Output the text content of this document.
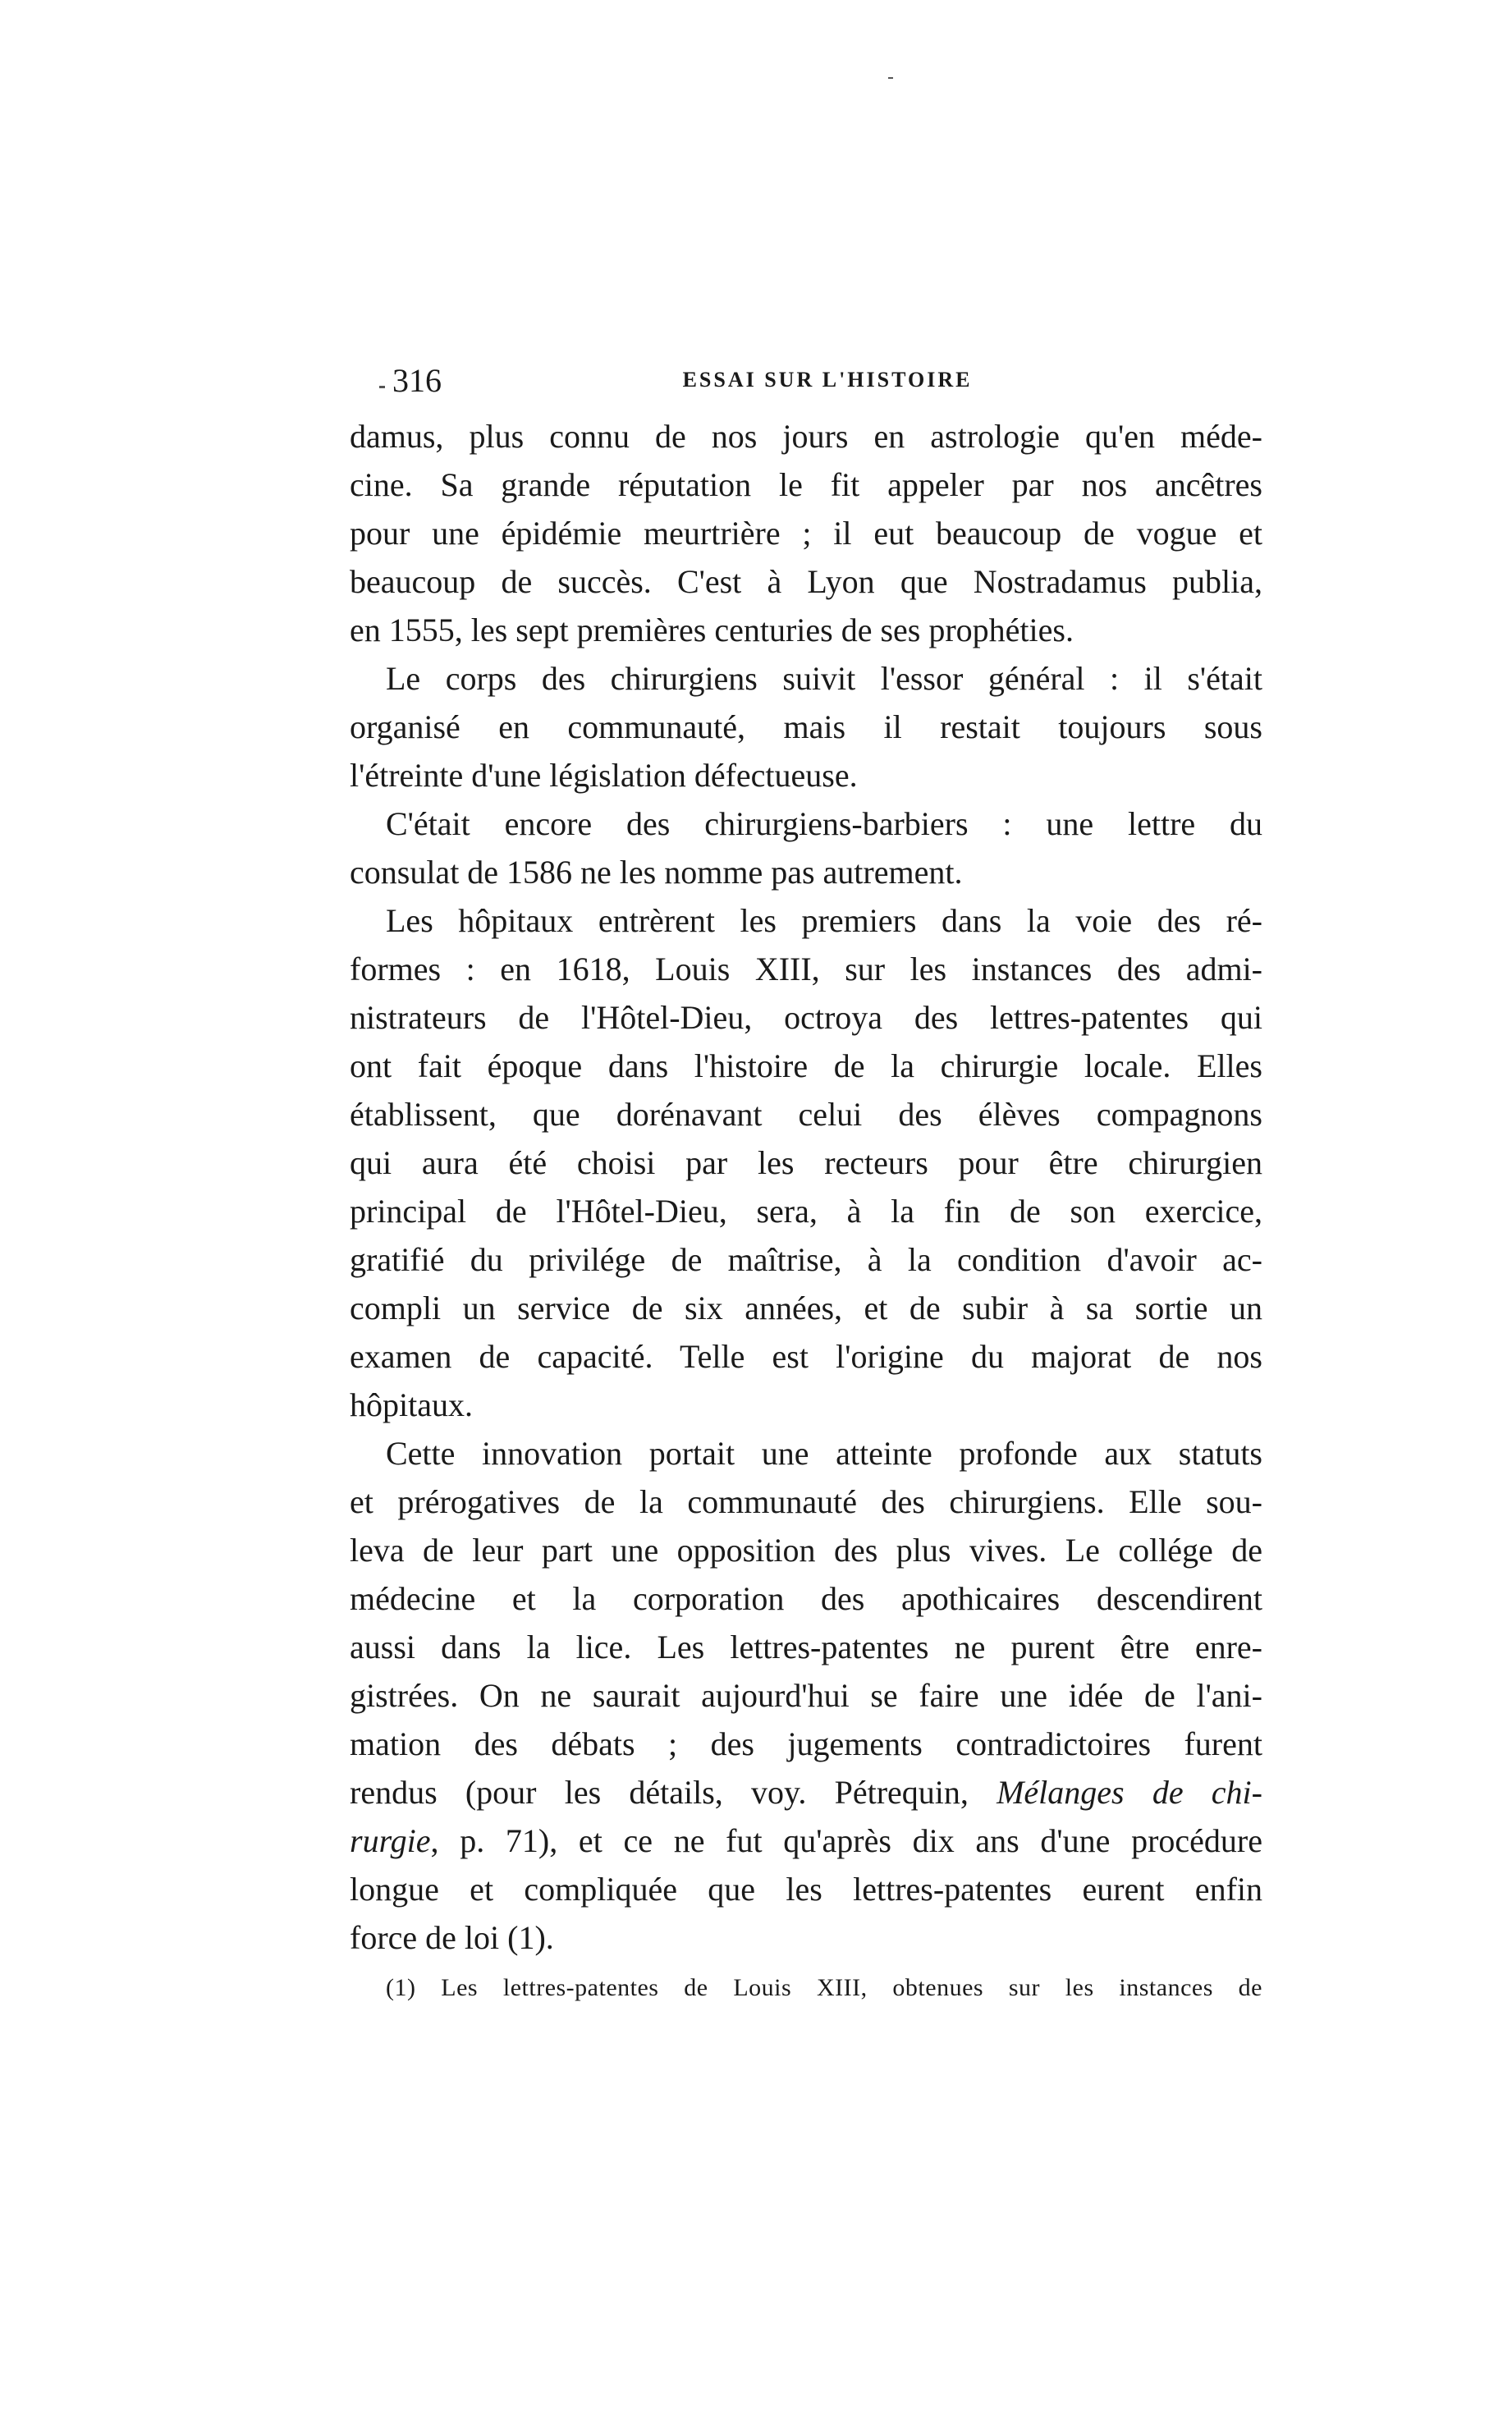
316	ESSAI SUR L'HISTOIRE
damus, plus connu de nos jours en astrologie qu'en méde-
cine. Sa grande réputation le fit appeler par nos ancêtres
pour une épidémie meurtrière ; il eut beaucoup de vogue et
beaucoup de succès. C'est à Lyon que Nostradamus publia,
en 1555, les sept premières centuries de ses prophéties.
Le corps des chirurgiens suivit l'essor général : il s'était
organisé en communauté, mais il restait toujours sous
l'étreinte d'une législation défectueuse.
C'était encore des chirurgiens-barbiers : une lettre du
consulat de 1586 ne les nomme pas autrement.
Les hôpitaux entrèrent les premiers dans la voie des ré-
formes : en 1618, Louis XIII, sur les instances des admi-
nistrateurs de l'Hôtel-Dieu, octroya des lettres-patentes qui
ont fait époque dans l'histoire de la chirurgie locale. Elles
établissent, que dorénavant celui des élèves compagnons
qui aura été choisi par les recteurs pour être chirurgien
principal de l'Hôtel-Dieu, sera, à la fin de son exercice,
gratifié du privilége de maîtrise, à la condition d'avoir ac-
compli un service de six années, et de subir à sa sortie un
examen de capacité. Telle est l'origine du majorat de nos
hôpitaux.
Cette innovation portait une atteinte profonde aux statuts
et prérogatives de la communauté des chirurgiens. Elle sou-
leva de leur part une opposition des plus vives. Le collége de
médecine et la corporation des apothicaires descendirent
aussi dans la lice. Les lettres-patentes ne purent être enre-
gistrées. On ne saurait aujourd'hui se faire une idée de l'ani-
mation des débats ; des jugements contradictoires furent
rendus (pour les détails, voy. Pétrequin, Mélanges de chi-
rurgie, p. 71), et ce ne fut qu'après dix ans d'une procédure
longue et compliquée que les lettres-patentes eurent enfin
force de loi (1).
(1) Les lettres-patentes de Louis XIII, obtenues sur les instances de
